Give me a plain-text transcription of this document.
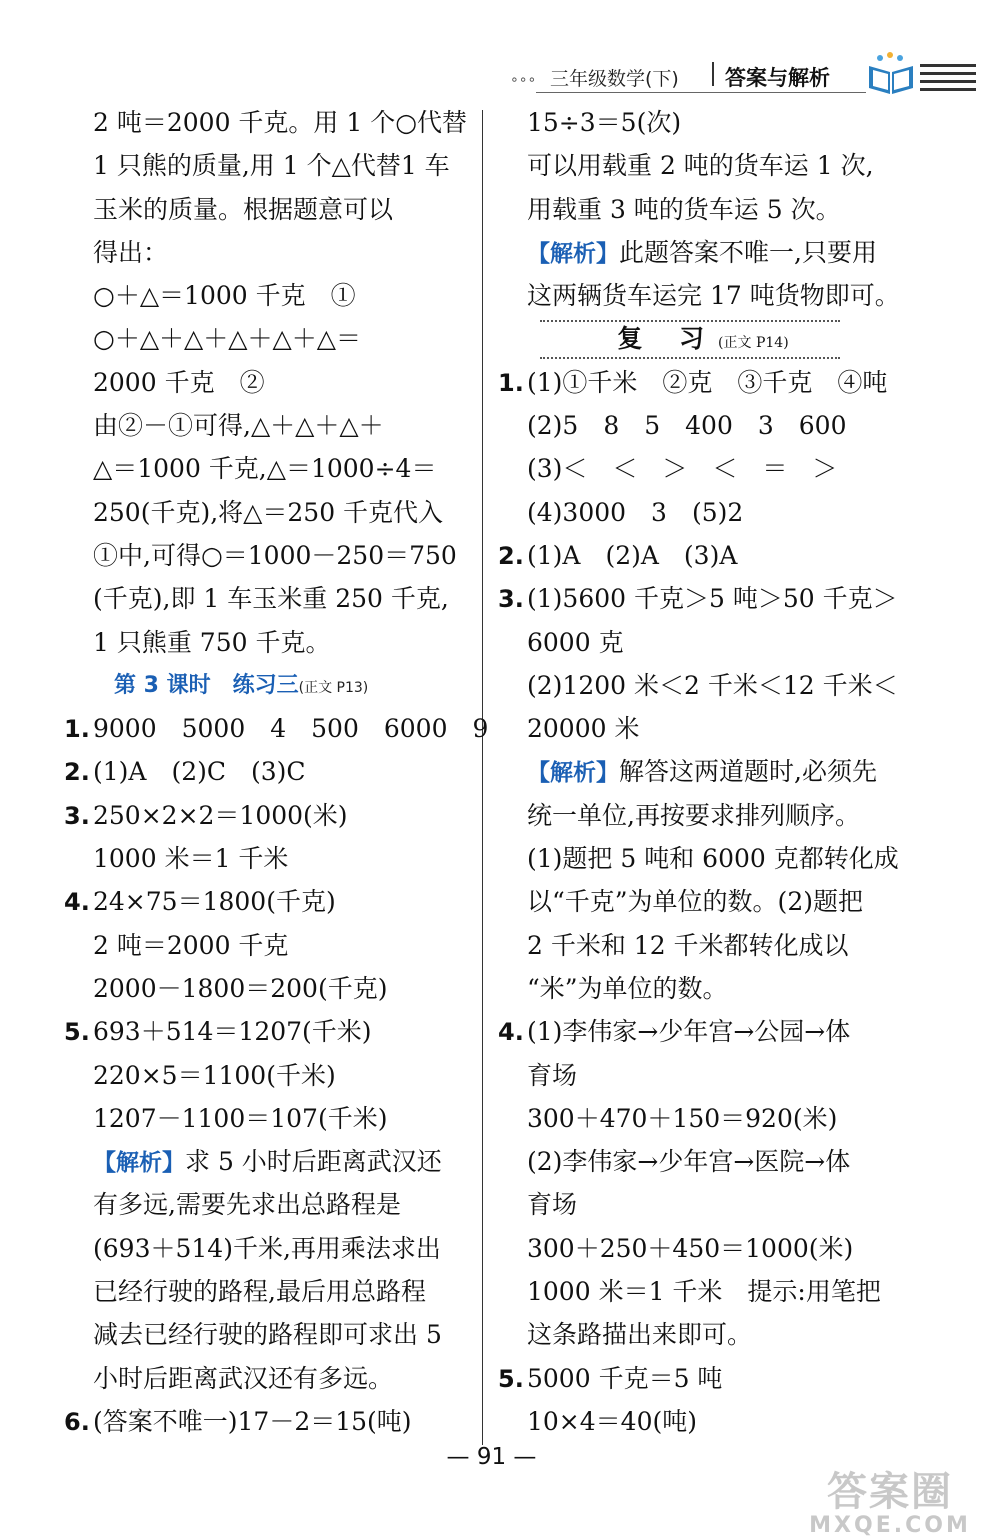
∘∘∘ 三年级数学(下) 答案与解析
2 吨＝2000 千克。用 1 个○代替
1 只熊的质量,用 1 个△代替1 车
玉米的质量。根据题意可以
得出：
○＋△＝1000 千克　①
○＋△＋△＋△＋△＋△＝
2000 千克　②
由②－①可得,△＋△＋△＋
△＝1000 千克,△＝1000÷4＝
250(千克),将△＝250 千克代入
①中,可得○＝1000－250＝750
(千克),即 1 车玉米重 250 千克,
1 只熊重 750 千克。
第 3 课时　练习三(正文 P13)
1. 9000　5000　4　500　6000　9
2. (1)A　(2)C　(3)C
3. 250×2×2＝1000(米)
1000 米＝1 千米
4. 24×75＝1800(千克)
2 吨＝2000 千克
2000－1800＝200(千克)
5. 693＋514＝1207(千米)
220×5＝1100(千米)
1207－1100＝107(千米)
【解析】求 5 小时后距离武汉还
有多远,需要先求出总路程是
(693＋514)千米,再用乘法求出
已经行驶的路程,最后用总路程
减去已经行驶的路程即可求出 5
小时后距离武汉还有多远。
6. (答案不唯一)17－2＝15(吨)
15÷3＝5(次)
可以用载重 2 吨的货车运 1 次,
用载重 3 吨的货车运 5 次。
【解析】此题答案不唯一,只要用
这两辆货车运完 17 吨货物即可。
复 习(正文 P14)
1. (1)①千米　②克　③千克　④吨
(2)5　8　5　400　3　600
(3)＜　＜　＞　＜　＝　＞
(4)3000　3　(5)2
2. (1)A　(2)A　(3)A
3. (1)5600 千克＞5 吨＞50 千克＞
6000 克
(2)1200 米＜2 千米＜12 千米＜
20000 米
【解析】解答这两道题时,必须先
统一单位,再按要求排列顺序。
(1)题把 5 吨和 6000 克都转化成
以“千克”为单位的数。(2)题把
2 千米和 12 千米都转化成以
“米”为单位的数。
4. (1)李伟家→少年宫→公园→体
育场
300＋470＋150＝920(米)
(2)李伟家→少年宫→医院→体
育场
300＋250＋450＝1000(米)
1000 米＝1 千米　提示:用笔把
这条路描出来即可。
5. 5000 千克＝5 吨
10×4＝40(吨)
— 91 —
答案圈
MXQE.COM
